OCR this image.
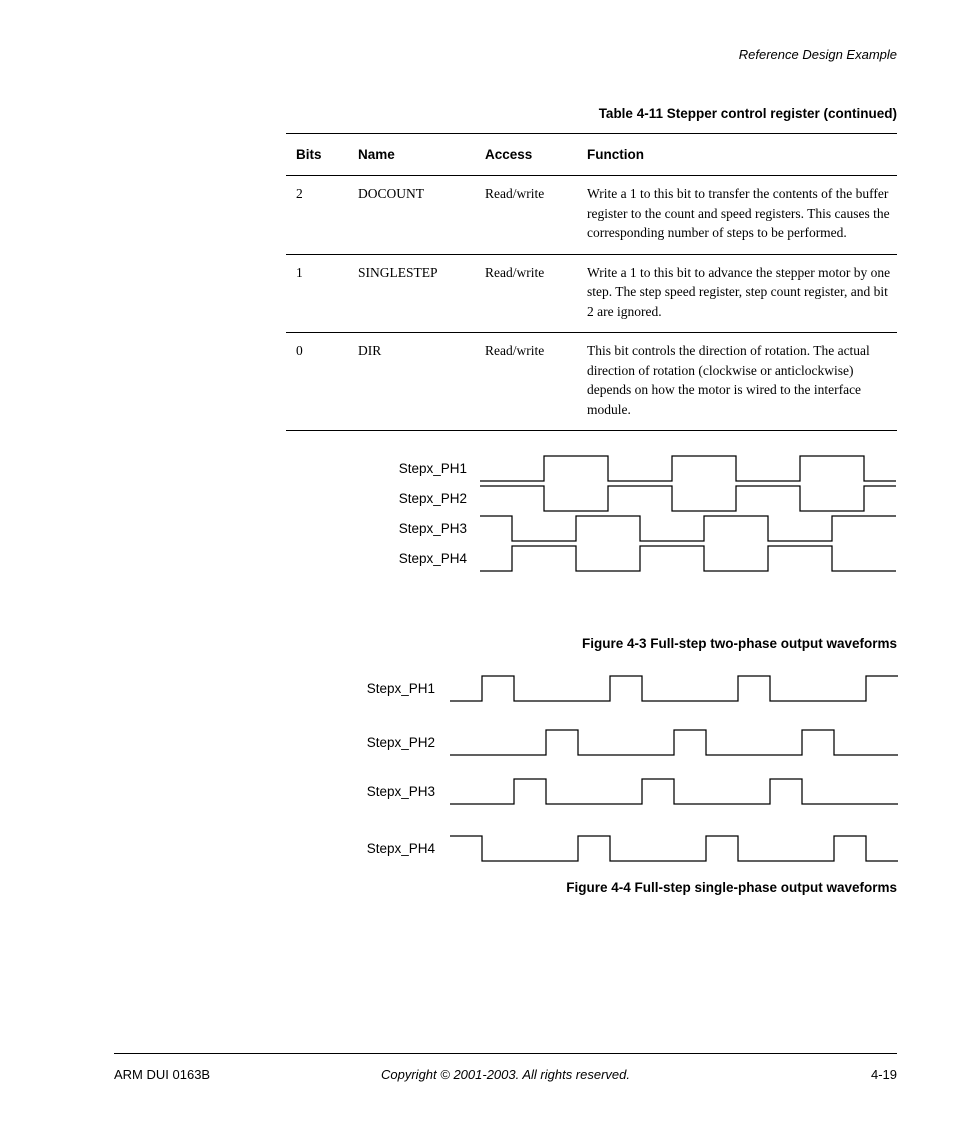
Reference Design Example
Table 4-11 Stepper control register (continued)
Bits	Name	Access	Function
2	DOCOUNT	Read/write	Write a 1 to this bit to transfer the contents of the buffer register to the count and speed registers. This causes the corresponding number of steps to be performed.
1	SINGLESTEP	Read/write	Write a 1 to this bit to advance the stepper motor by one step. The step speed register, step count register, and bit 2 are ignored.
0	DIR	Read/write	This bit controls the direction of rotation. The actual direction of rotation (clockwise or anticlockwise) depends on how the motor is wired to the interface module.
Stepx_PH1
Stepx_PH2
Stepx_PH3
Stepx_PH4
Figure 4-3 Full-step two-phase output waveforms
Stepx_PH1
Stepx_PH2
Stepx_PH3
Stepx_PH4
Figure 4-4 Full-step single-phase output waveforms
ARM DUI 0163B	Copyright © 2001-2003. All rights reserved.	4-19
